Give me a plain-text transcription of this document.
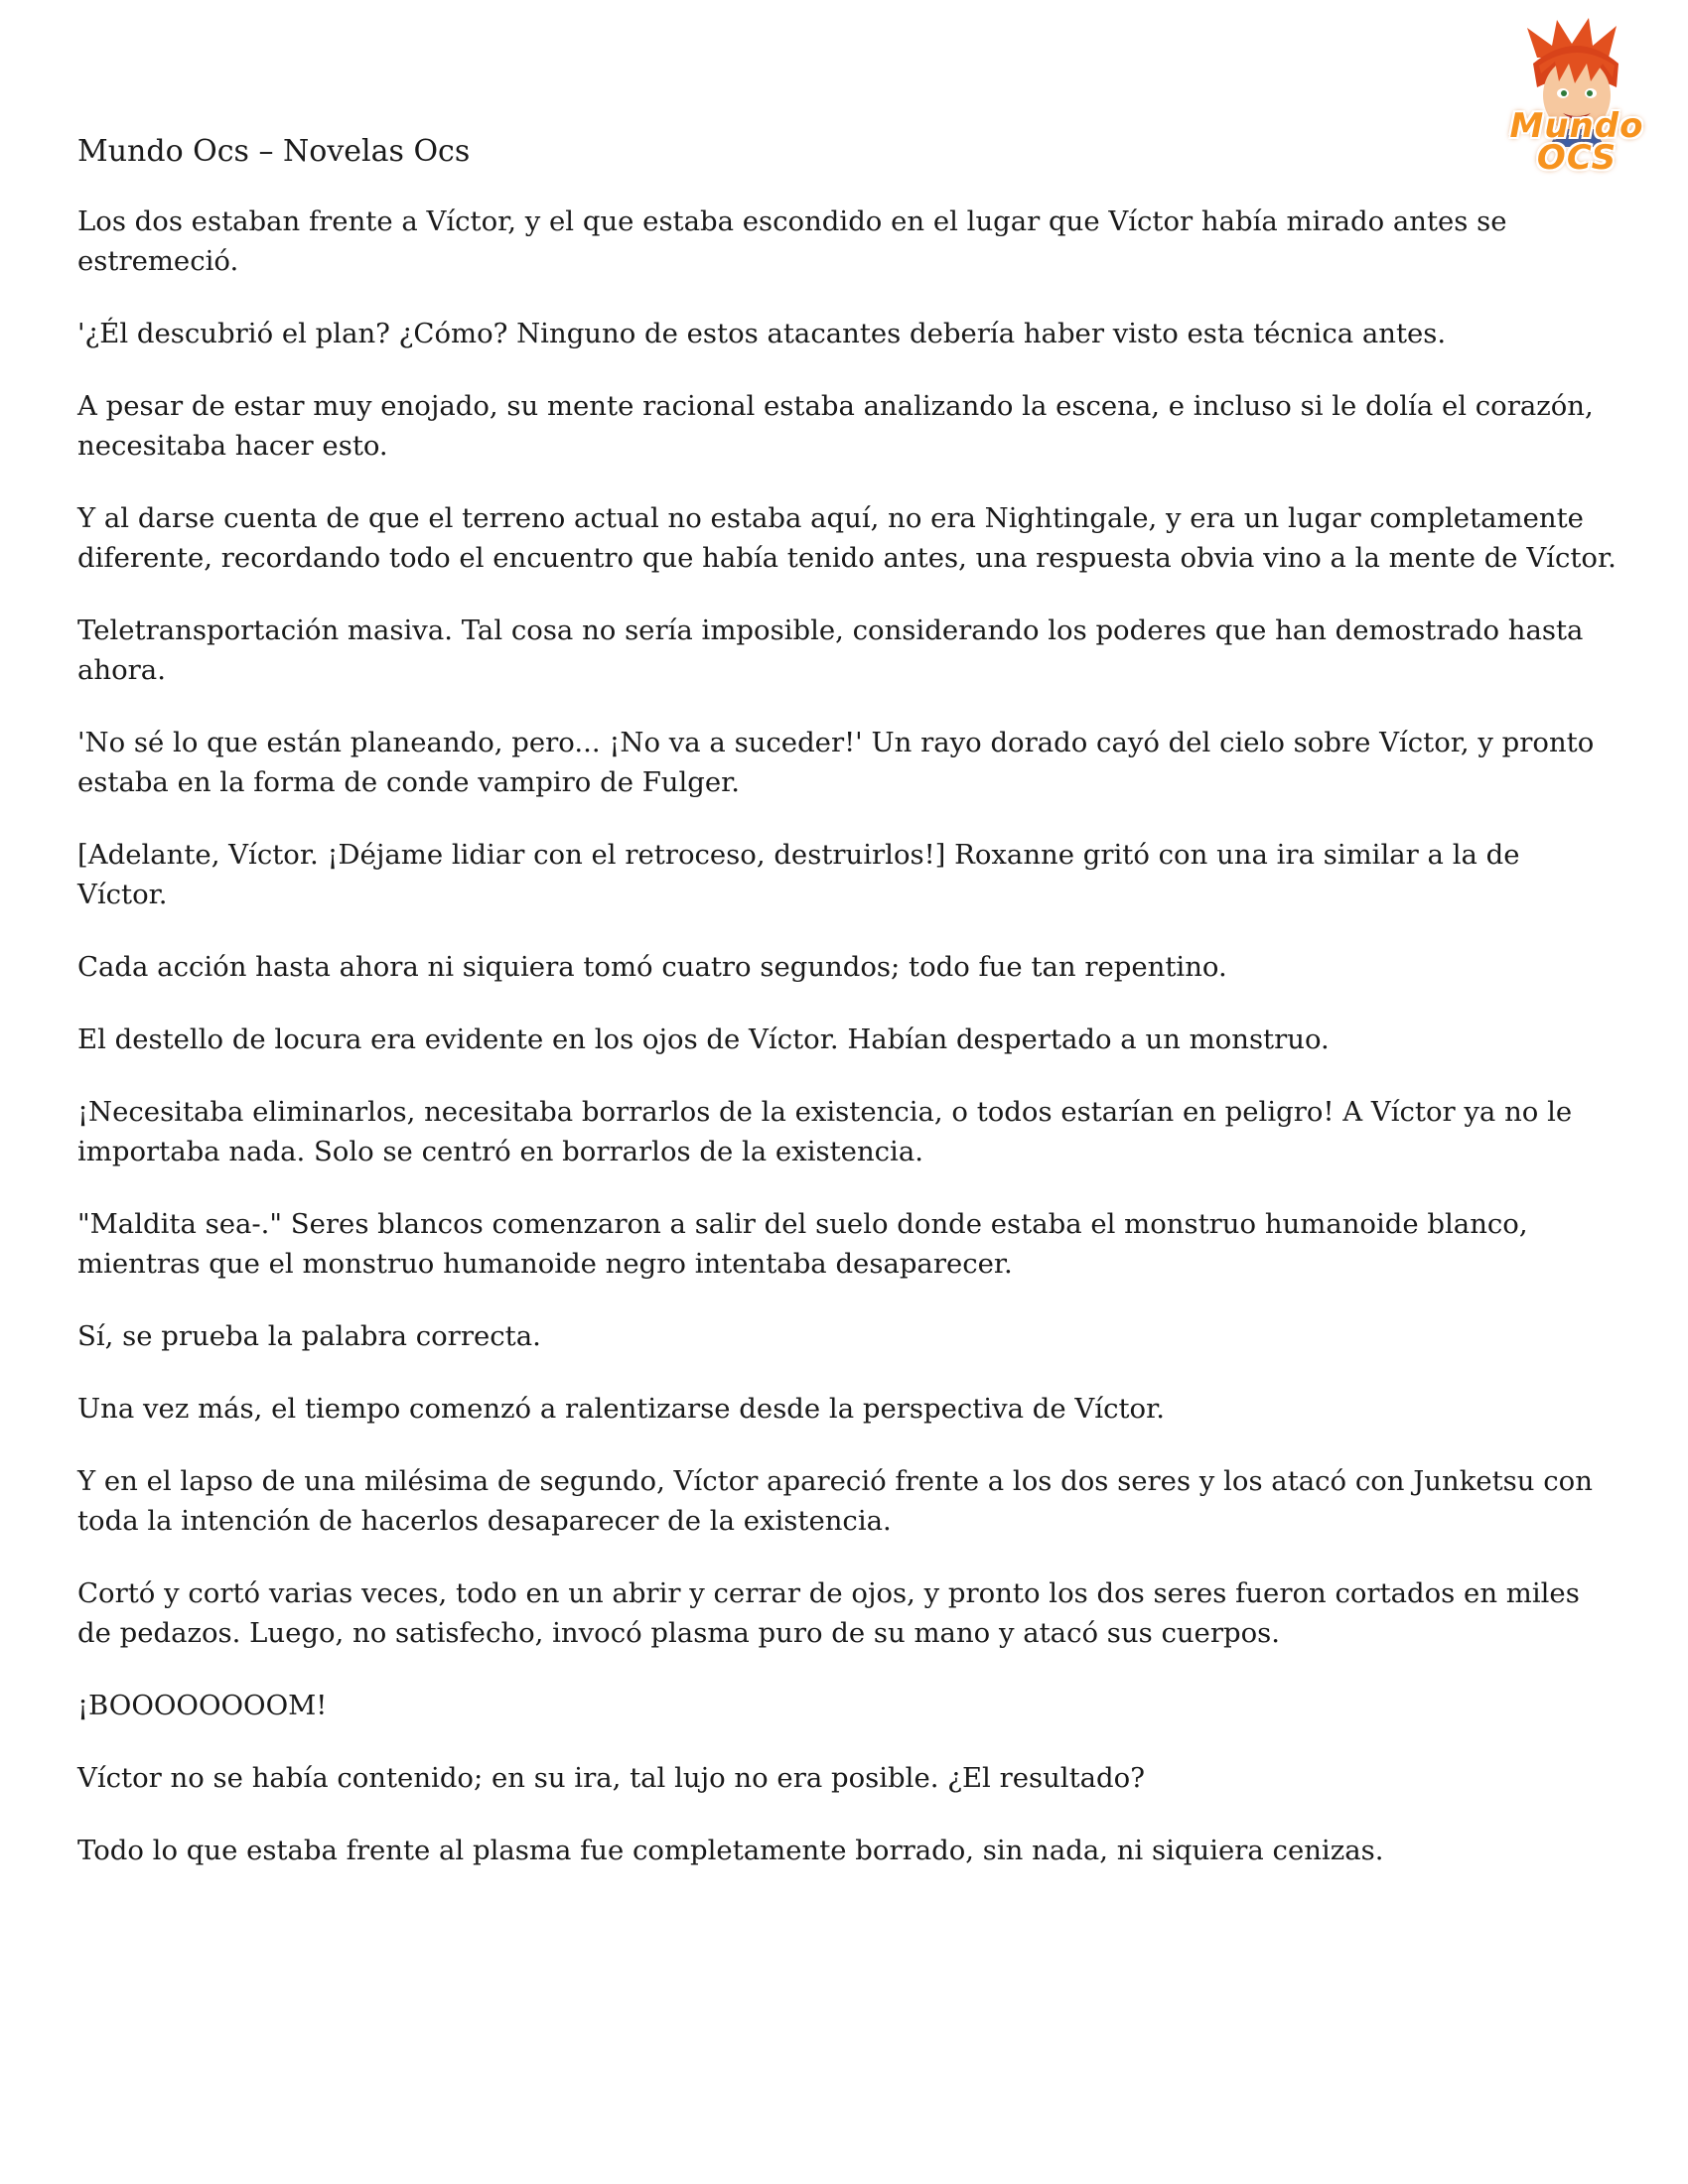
Mundo
OCS
Mundo Ocs – Novelas Ocs

Los dos estaban frente a Víctor, y el que estaba escondido en el lugar que Víctor había mirado antes se estremeció.

'¿Él descubrió el plan? ¿Cómo? Ninguno de estos atacantes debería haber visto esta técnica antes.

A pesar de estar muy enojado, su mente racional estaba analizando la escena, e incluso si le dolía el corazón, necesitaba hacer esto.

Y al darse cuenta de que el terreno actual no estaba aquí, no era Nightingale, y era un lugar completamente diferente, recordando todo el encuentro que había tenido antes, una respuesta obvia vino a la mente de Víctor.

Teletransportación masiva. Tal cosa no sería imposible, considerando los poderes que han demostrado hasta ahora.

'No sé lo que están planeando, pero... ¡No va a suceder!' Un rayo dorado cayó del cielo sobre Víctor, y pronto estaba en la forma de conde vampiro de Fulger.

[Adelante, Víctor. ¡Déjame lidiar con el retroceso, destruirlos!] Roxanne gritó con una ira similar a la de Víctor.

Cada acción hasta ahora ni siquiera tomó cuatro segundos; todo fue tan repentino.

El destello de locura era evidente en los ojos de Víctor. Habían despertado a un monstruo.

¡Necesitaba eliminarlos, necesitaba borrarlos de la existencia, o todos estarían en peligro! A Víctor ya no le importaba nada. Solo se centró en borrarlos de la existencia.

"Maldita sea-." Seres blancos comenzaron a salir del suelo donde estaba el monstruo humanoide blanco, mientras que el monstruo humanoide negro intentaba desaparecer.

Sí, se prueba la palabra correcta.

Una vez más, el tiempo comenzó a ralentizarse desde la perspectiva de Víctor.

Y en el lapso de una milésima de segundo, Víctor apareció frente a los dos seres y los atacó con Junketsu con toda la intención de hacerlos desaparecer de la existencia.

Cortó y cortó varias veces, todo en un abrir y cerrar de ojos, y pronto los dos seres fueron cortados en miles de pedazos. Luego, no satisfecho, invocó plasma puro de su mano y atacó sus cuerpos.

¡BOOOOOOOOM!

Víctor no se había contenido; en su ira, tal lujo no era posible. ¿El resultado?

Todo lo que estaba frente al plasma fue completamente borrado, sin nada, ni siquiera cenizas.
